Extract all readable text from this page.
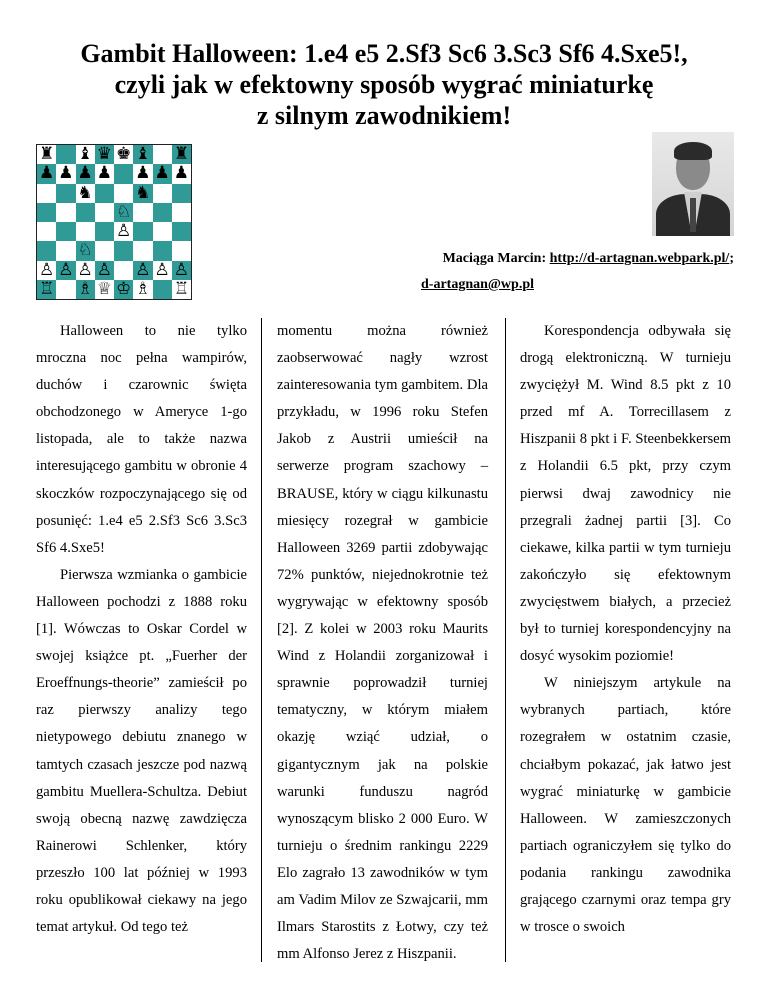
Gambit Halloween: 1.e4 e5 2.Sf3 Sc6 3.Sc3 Sf6 4.Sxe5!,
czyli jak w efektowny sposób wygrać miniaturkę
z silnym zawodnikiem!
♜ ♝ ♛ ♚ ♝ ♜
♟ ♟ ♟ ♟ ♟ ♟ ♟
♞	♞
♘
♙
♘
♙ ♙ ♙ ♙ ♙ ♙ ♙
♖ ♗ ♕ ♔ ♗ ♖
Maciąga Marcin: http://d-artagnan.webpark.pl/;
d-artagnan@wp.pl

Halloween to nie tylko mroczna noc pełna wampirów, duchów i czarownic święta obchodzonego w Ameryce 1-go listopada, ale to także nazwa interesującego gambitu w obronie 4 skoczków rozpoczynającego się od posunięć: 1.e4 e5 2.Sf3 Sc6 3.Sc3 Sf6 4.Sxe5!

Pierwsza wzmianka o gambicie Halloween pochodzi z 1888 roku [1]. Wówczas to Oskar Cordel w swojej książce pt. „Fuerher der Eroeffnungs-theorie” zamieścił po raz pierwszy analizy tego nietypowego debiutu znanego w tamtych czasach jeszcze pod nazwą gambitu Muellera-Schultza. Debiut swoją obecną nazwę zawdzięcza Rainerowi Schlenker, który przeszło 100 lat później w 1993 roku opublikował ciekawy na jego temat artykuł. Od tego też

momentu można również zaobserwować nagły wzrost zainteresowania tym gambitem. Dla przykładu, w 1996 roku Stefen Jakob z Austrii umieścił na serwerze program szachowy – BRAUSE, który w ciągu kilkunastu miesięcy rozegrał w gambicie Halloween 3269 partii zdobywając 72% punktów, niejednokrotnie też wygrywając w efektowny sposób [2]. Z kolei w 2003 roku Maurits Wind z Holandii zorganizował i sprawnie poprowadził turniej tematyczny, w którym miałem okazję wziąć udział, o gigantycznym jak na polskie warunki funduszu nagród wynoszącym blisko 2 000 Euro. W turnieju o średnim rankingu 2229 Elo zagrało 13 zawodników w tym am Vadim Milov ze Szwajcarii, mm Ilmars Starostits z Łotwy, czy też mm Alfonso Jerez z Hiszpanii.

Korespondencja odbywała się drogą elektroniczną. W turnieju zwyciężył M. Wind 8.5 pkt z 10 przed mf A. Torrecillasem z Hiszpanii 8 pkt i F. Steenbekkersem z Holandii 6.5 pkt, przy czym pierwsi dwaj zawodnicy nie przegrali żadnej partii [3]. Co ciekawe, kilka partii w tym turnieju zakończyło się efektownym zwycięstwem białych, a przecież był to turniej korespondencyjny na dosyć wysokim poziomie!

W niniejszym artykule na wybranych partiach, które rozegrałem w ostatnim czasie, chciałbym pokazać, jak łatwo jest wygrać miniaturkę w gambicie Halloween. W zamieszczonych partiach ograniczyłem się tylko do podania rankingu zawodnika grającego czarnymi oraz tempa gry w trosce o swoich
